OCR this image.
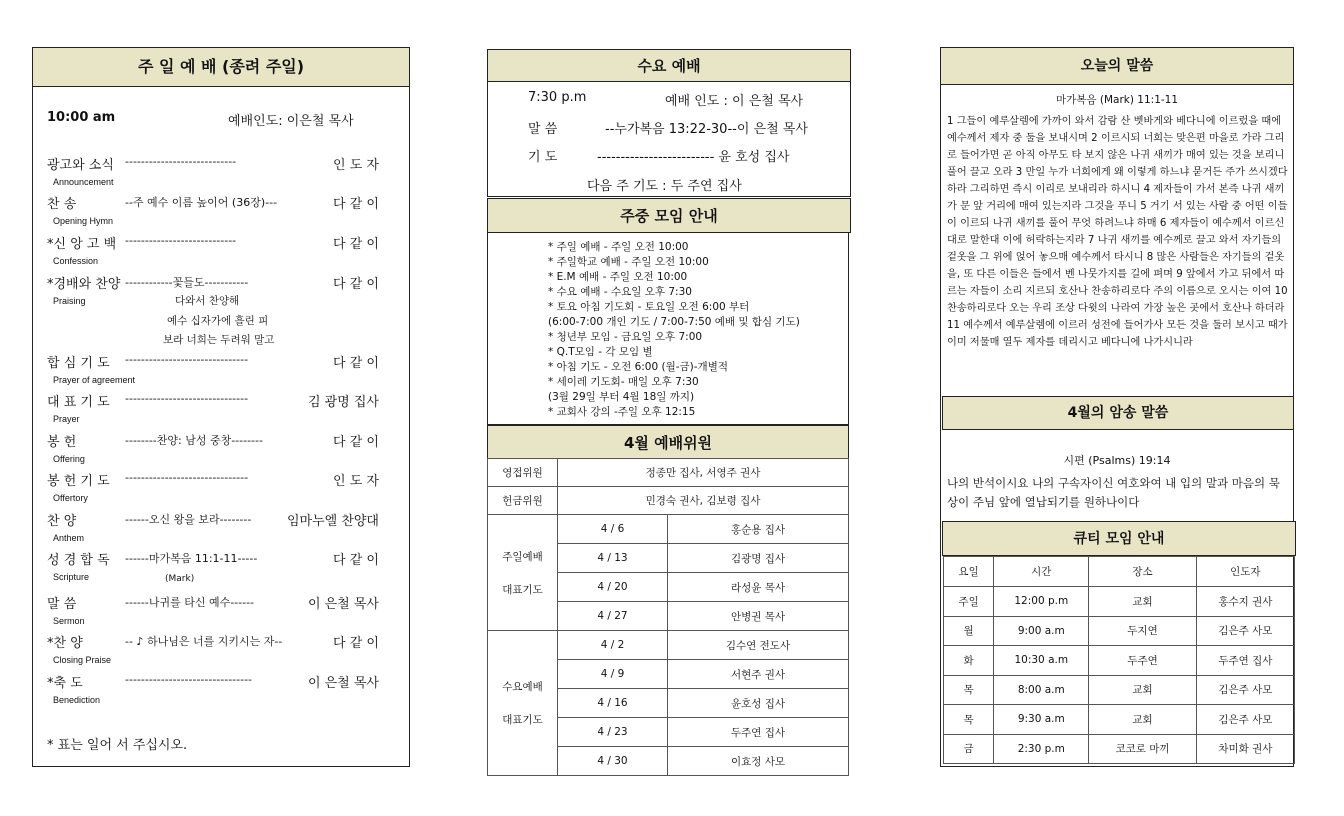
주 일 예 배 (종려 주일)
10:00 am	예배인도: 이은철 목사
광고와 소식 ----------------------------	인 도 자
Announcement
찬 송	--주 예수 이름 높이어 (36장)---	다 같 이
Opening Hymn
*신 앙 고 백 ----------------------------	다 같 이
Confession
*경배와 찬양 ------------꽃들도-----------	다 같 이
Praising	다와서 찬양해
예수 십자가에 흘린 피
보라 너희는 두려워 말고
합 심 기 도 -------------------------------	다 같 이
Prayer of agreement
대 표 기 도 -------------------------------	김 광명 집사
Prayer
봉 헌	--------찬양: 남성 중창--------	다 같 이
Offering
봉 헌 기 도 -------------------------------	인 도 자
Offertory
찬 양	------오신 왕을 보라--------	임마누엘 찬양대
Anthem
성 경 합 독 ------마가복음 11:1-11-----	다 같 이
Scripture	(Mark)
말 씀	------나귀를 타신 예수------	이 은철 목사
Sermon
*찬 양	-- ♪ 하나님은 너를 지키시는 자--	다 같 이
Closing Praise
*축 도	--------------------------------	이 은철 목사
Benediction
* 표는 일어 서 주십시오.
수요 예배
7:30 p.m	예배 인도 : 이 은철 목사
말 씀	--누가복음 13:22-30--이 은철 목사
기 도	------------------------- 윤 호성 집사
다음 주 기도 : 두 주연 집사
주중 모임 안내
* 주일 예배 - 주일 오전 10:00
* 주일학교 예배 - 주일 오전 10:00
* E.M 예배 - 주일 오전 10:00
* 수요 예배 - 수요일 오후 7:30
* 토요 아침 기도회 - 토요일 오전 6:00 부터
(6:00-7:00 개인 기도 / 7:00-7:50 예배 및 합심 기도)
* 청년부 모임 - 금요일 오후 7:00
* Q.T모임 - 각 모임 별
* 아침 기도 - 오전 6:00 (월-금)-개별적
* 세이레 기도회- 매일 오후 7:30
(3월 29일 부터 4월 18일 까지)
* 교회사 강의 -주일 오후 12:15
4월 예배위원
영접위원	정종만 집사, 서영주 권사	
헌금위원	민경숙 권사, 김보령 집사	

주일예배
대표기도	4 / 6	홍순용 집사
	4 / 13	김광명 집사
	4 / 20	라성윤 목사
	4 / 27	안병권 목사

수요예배
대표기도	4 / 2	김수연 전도사
	4 / 9	서현주 권사
	4 / 16	윤호성 집사
	4 / 23	두주연 집사
	4 / 30	이효정 사모
오늘의 말씀
마가복음 (Mark) 11:1-11
1 그들이 예루살렘에 가까이 와서 감람 산 벳바게와 베다니에 이르렀을 때에 예수께서 제자 중 둘을 보내시며 2 이르시되 너희는 맞은편 마을로 가라 그리로 들어가면 곧 아직 아무도 타 보지 않은 나귀 새끼가 매여 있는 것을 보리니 풀어 끌고 오라 3 만일 누가 너희에게 왜 이렇게 하느냐 묻거든 주가 쓰시겠다 하라 그리하면 즉시 이리로 보내리라 하시니 4 제자들이 가서 본즉 나귀 새끼가 문 앞 거리에 매여 있는지라 그것을 푸니 5 거기 서 있는 사람 중 어떤 이들이 이르되 나귀 새끼를 풀어 무엇 하려느냐 하매 6 제자들이 예수께서 이르신 대로 말한대 이에 허락하는지라 7 나귀 새끼를 예수께로 끌고 와서 자기들의 겉옷을 그 위에 얹어 놓으매 예수께서 타시니 8 많은 사람들은 자기들의 겉옷을, 또 다른 이들은 들에서 벤 나뭇가지를 길에 펴며 9 앞에서 가고 뒤에서 따르는 자들이 소리 지르되 호산나 찬송하리로다 주의 이름으로 오시는 이여 10 찬송하리로다 오는 우리 조상 다윗의 나라여 가장 높은 곳에서 호산나 하더라 11 예수께서 예루살렘에 이르러 성전에 들어가사 모든 것을 둘러 보시고 때가 이미 저물매 열두 제자를 데리시고 베다니에 나가시니라
4월의 암송 말씀
시편 (Psalms) 19:14
나의 반석이시요 나의 구속자이신 여호와여 내 입의 말과 마음의 묵상이 주님 앞에 열납되기를 원하나이다
큐티 모임 안내
요일	시간	장소	인도자
주일	12:00 p.m	교회	홍수지 권사
월	9:00 a.m	두지연	김은주 사모
화	10:30 a.m	두주연	두주연 집사
목	8:00 a.m	교회	김은주 사모
목	9:30 a.m	교회	김은주 사모
금	2:30 p.m	코코로 마끼	차미화 권사
